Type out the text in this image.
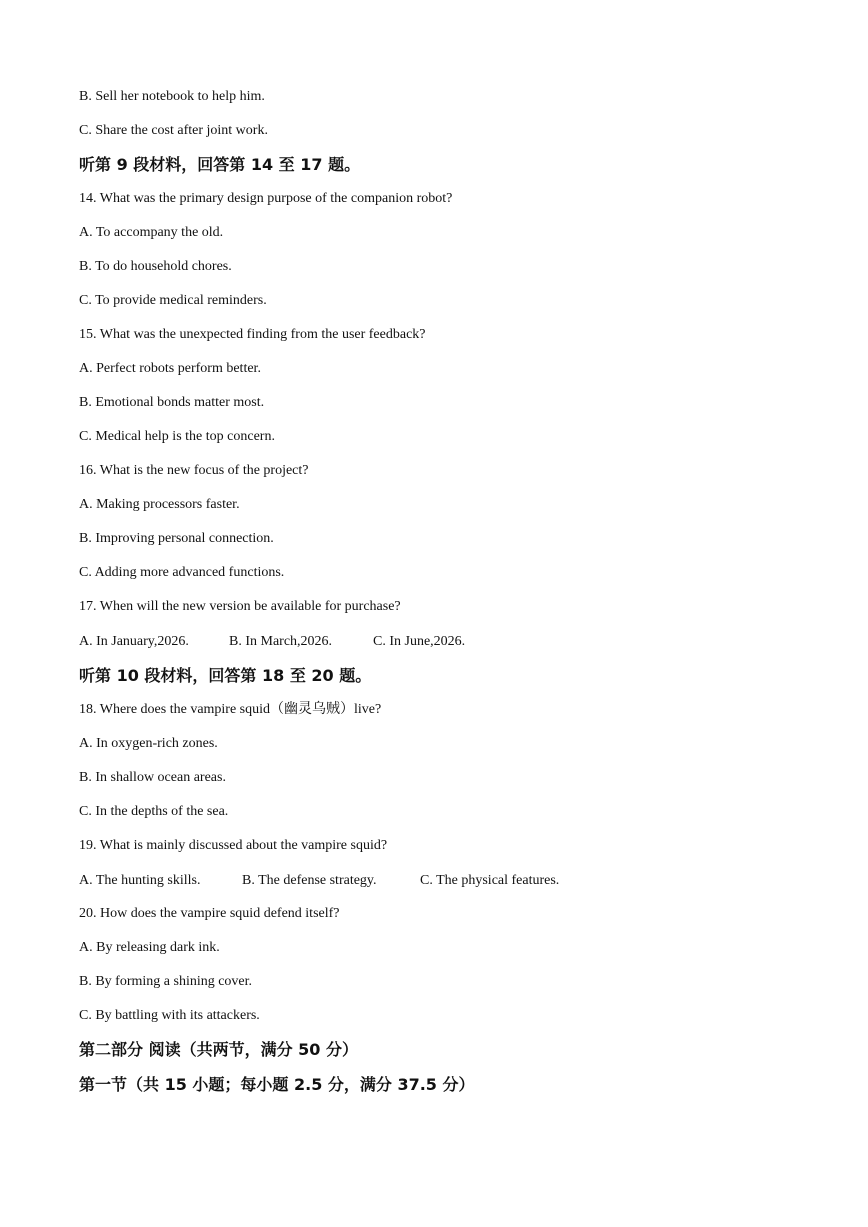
B. Sell her notebook to help him.
C. Share the cost after joint work.
听第 9 段材料，回答第 14 至 17 题。
14. What was the primary design purpose of the companion robot?
A. To accompany the old.
B. To do household chores.
C. To provide medical reminders.
15. What was the unexpected finding from the user feedback?
A. Perfect robots perform better.
B. Emotional bonds matter most.
C. Medical help is the top concern.
16. What is the new focus of the project?
A. Making processors faster.
B. Improving personal connection.
C. Adding more advanced functions.
17. When will the new version be available for purchase?
A. In January,2026.	B. In March,2026.	C. In June,2026.
听第 10 段材料，回答第 18 至 20 题。
18. Where does the vampire squid（幽灵乌贼）live?
A. In oxygen-rich zones.
B. In shallow ocean areas.
C. In the depths of the sea.
19. What is mainly discussed about the vampire squid?
A. The hunting skills.	B. The defense strategy.	C. The physical features.
20. How does the vampire squid defend itself?
A. By releasing dark ink.
B. By forming a shining cover.
C. By battling with its attackers.
第二部分 阅读（共两节，满分 50 分）
第一节（共 15 小题；每小题 2.5 分，满分 37.5 分）
